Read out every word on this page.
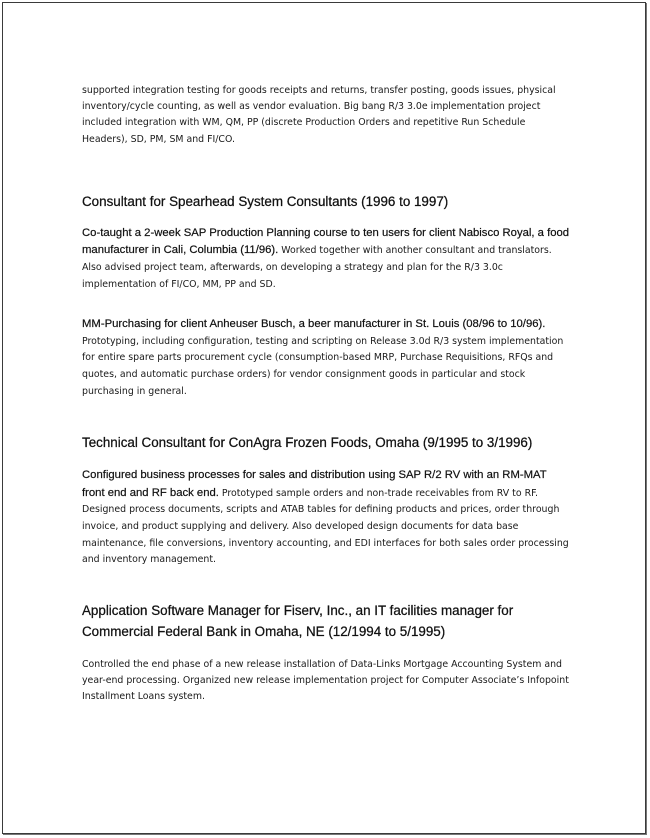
supported integration testing for goods receipts and returns, transfer posting, goods issues, physical inventory/cycle counting, as well as vendor evaluation. Big bang R/3 3.0e implementation project included integration with WM, QM, PP (discrete Production Orders and repetitive Run Schedule Headers), SD, PM, SM and FI/CO.

Consultant for Spearhead System Consultants (1996 to 1997)

Co-taught a 2-week SAP Production Planning course to ten users for client Nabisco Royal, a food manufacturer in Cali, Columbia (11/96). Worked together with another consultant and translators. Also advised project team, afterwards, on developing a strategy and plan for the R/3 3.0c implementation of FI/CO, MM, PP and SD.

MM-Purchasing for client Anheuser Busch, a beer manufacturer in St. Louis (08/96 to 10/96). Prototyping, including configuration, testing and scripting on Release 3.0d R/3 system implementation for entire spare parts procurement cycle (consumption-based MRP, Purchase Requisitions, RFQs and quotes, and automatic purchase orders) for vendor consignment goods in particular and stock purchasing in general.

Technical Consultant for ConAgra Frozen Foods, Omaha (9/1995 to 3/1996)

Configured business processes for sales and distribution using SAP R/2 RV with an RM-MAT front end and RF back end. Prototyped sample orders and non-trade receivables from RV to RF. Designed process documents, scripts and ATAB tables for defining products and prices, order through invoice, and product supplying and delivery. Also developed design documents for data base maintenance, file conversions, inventory accounting, and EDI interfaces for both sales order processing and inventory management.

Application Software Manager for Fiserv, Inc., an IT facilities manager for Commercial Federal Bank in Omaha, NE (12/1994 to 5/1995)

Controlled the end phase of a new release installation of Data-Links Mortgage Accounting System and year-end processing. Organized new release implementation project for Computer Associate’s Infopoint Installment Loans system.
